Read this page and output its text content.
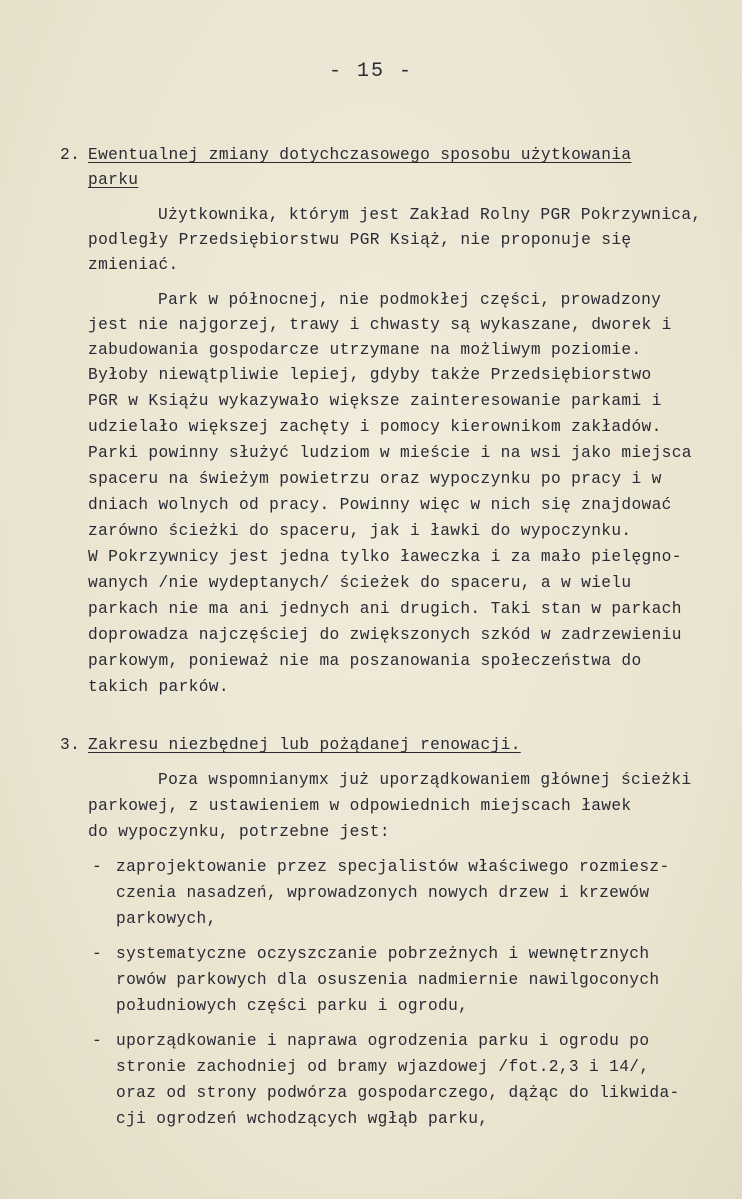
- 15 -
2. Ewentualnej zmiany dotychczasowego sposobu użytkowania
parku
Użytkownika, którym jest Zakład Rolny PGR Pokrzywnica,
podległy Przedsiębiorstwu PGR Książ, nie proponuje się
zmieniać.
Park w północnej, nie podmokłej części, prowadzony
jest nie najgorzej, trawy i chwasty są wykaszane, dworek i
zabudowania gospodarcze utrzymane na możliwym poziomie.
Byłoby niewątpliwie lepiej, gdyby także Przedsiębiorstwo
PGR w Książu wykazywało większe zainteresowanie parkami i
udzielało większej zachęty i pomocy kierownikom zakładów.
Parki powinny służyć ludziom w mieście i na wsi jako miejsca
spaceru na świeżym powietrzu oraz wypoczynku po pracy i w
dniach wolnych od pracy. Powinny więc w nich się znajdować
zarówno ścieżki do spaceru, jak i ławki do wypoczynku.
W Pokrzywnicy jest jedna tylko ławeczka i za mało pielęgno-
wanych /nie wydeptanych/ ścieżek do spaceru, a w wielu
parkach nie ma ani jednych ani drugich. Taki stan w parkach
doprowadza najczęściej do zwiększonych szkód w zadrzewieniu
parkowym, ponieważ nie ma poszanowania społeczeństwa do
takich parków.
3. Zakresu niezbędnej lub pożądanej renowacji.
Poza wspomnianymx już uporządkowaniem głównej ścieżki
parkowej, z ustawieniem w odpowiednich miejscach ławek
do wypoczynku, potrzebne jest:
- zaprojektowanie przez specjalistów właściwego rozmiesz-
czenia nasadzeń, wprowadzonych nowych drzew i krzewów
parkowych,
- systematyczne oczyszczanie pobrzeżnych i wewnętrznych
rowów parkowych dla osuszenia nadmiernie nawilgoconych
południowych części parku i ogrodu,
- uporządkowanie i naprawa ogrodzenia parku i ogrodu po
stronie zachodniej od bramy wjazdowej /fot.2,3 i 14/,
oraz od strony podwórza gospodarczego, dążąc do likwida-
cji ogrodzeń wchodzących wgłąb parku,
